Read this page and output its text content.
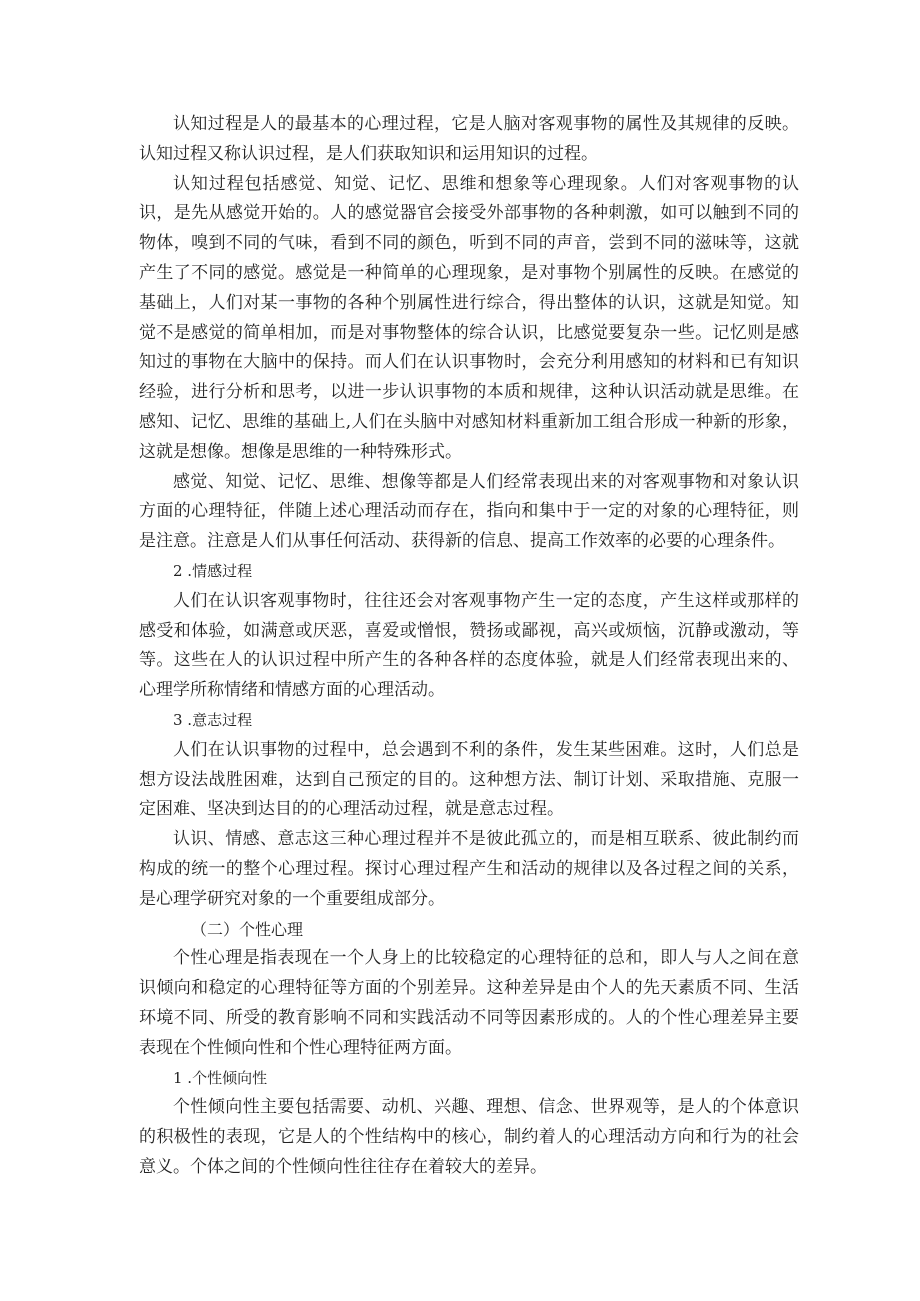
认知过程是人的最基本的心理过程，它是人脑对客观事物的属性及其规律的反映。认知过程又称认识过程，是人们获取知识和运用知识的过程。

认知过程包括感觉、知觉、记忆、思维和想象等心理现象。人们对客观事物的认识，是先从感觉开始的。人的感觉器官会接受外部事物的各种刺激，如可以触到不同的物体，嗅到不同的气味，看到不同的颜色，听到不同的声音，尝到不同的滋味等，这就产生了不同的感觉。感觉是一种简单的心理现象，是对事物个别属性的反映。在感觉的基础上，人们对某一事物的各种个别属性进行综合，得出整体的认识，这就是知觉。知觉不是感觉的简单相加，而是对事物整体的综合认识，比感觉要复杂一些。记忆则是感知过的事物在大脑中的保持。而人们在认识事物时，会充分利用感知的材料和已有知识经验，进行分析和思考，以进一步认识事物的本质和规律，这种认识活动就是思维。在感知、记忆、思维的基础上,人们在头脑中对感知材料重新加工组合形成一种新的形象，这就是想像。想像是思维的一种特殊形式。

感觉、知觉、记忆、思维、想像等都是人们经常表现出来的对客观事物和对象认识方面的心理特征，伴随上述心理活动而存在，指向和集中于一定的对象的心理特征，则是注意。注意是人们从事任何活动、获得新的信息、提高工作效率的必要的心理条件。

2 .情感过程

人们在认识客观事物时，往往还会对客观事物产生一定的态度，产生这样或那样的感受和体验，如满意或厌恶，喜爱或憎恨，赞扬或鄙视，高兴或烦恼，沉静或激动，等等。这些在人的认识过程中所产生的各种各样的态度体验，就是人们经常表现出来的、心理学所称情绪和情感方面的心理活动。

3 .意志过程

人们在认识事物的过程中，总会遇到不利的条件，发生某些困难。这时，人们总是想方设法战胜困难，达到自己预定的目的。这种想方法、制订计划、采取措施、克服一定困难、坚决到达目的的心理活动过程，就是意志过程。

认识、情感、意志这三种心理过程并不是彼此孤立的，而是相互联系、彼此制约而构成的统一的整个心理过程。探讨心理过程产生和活动的规律以及各过程之间的关系，是心理学研究对象的一个重要组成部分。

（二）个性心理

个性心理是指表现在一个人身上的比较稳定的心理特征的总和，即人与人之间在意识倾向和稳定的心理特征等方面的个别差异。这种差异是由个人的先天素质不同、生活环境不同、所受的教育影响不同和实践活动不同等因素形成的。人的个性心理差异主要表现在个性倾向性和个性心理特征两方面。

1 .个性倾向性

个性倾向性主要包括需要、动机、兴趣、理想、信念、世界观等，是人的个体意识的积极性的表现，它是人的个性结构中的核心，制约着人的心理活动方向和行为的社会意义。个体之间的个性倾向性往往存在着较大的差异。
